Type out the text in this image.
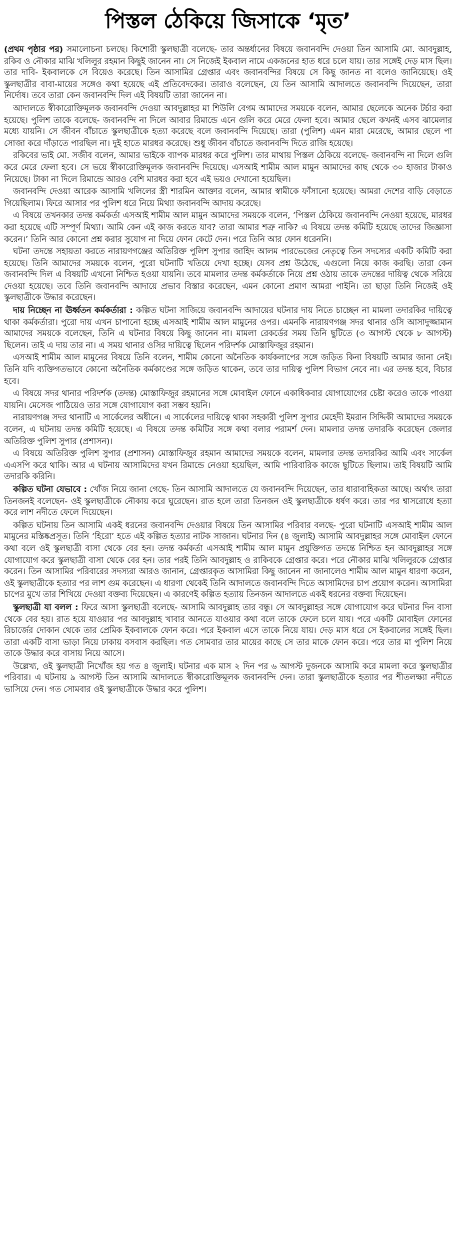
পিস্তল ঠেকিয়ে জিসাকে ‘মৃত’

(প্রথম পৃষ্ঠার পর) সমালোচনা চলছে। কিশোরী স্কুলছাত্রী বলেছে- তার অন্তর্ধানের বিষয়ে জবানবন্দি দেওয়া তিন আসামি মো. আবদুল্লাহ, রকিব ও নৌকার মাঝি খলিলুর রহমান কিছুই জানেন না। সে নিজেই ইকবাল নামে একজনের হাত ধরে চলে যায়। তার সঙ্গেই দেড় মাস ছিল। তার দাবি- ইকবালকে সে বিয়েও করেছে। তিন আসামির গ্রেপ্তার এবং জবানবন্দির বিষয়ে সে কিছু জানত না বলেও জানিয়েছে। ওই স্কুলছাত্রীর বাবা-মায়ের সঙ্গেও কথা হয়েছে এই প্রতিবেদকের। তারাও বলেছেন, যে তিন আসামি আদালতে জবানবন্দি দিয়েছেন, তারা নির্দোষ। তবে তারা কেন জবানবন্দি দিল এই বিষয়টি তারা জানেন না।

আদালতে স্বীকারোক্তিমূলক জবানবন্দি দেওয়া আবদুল্লাহর মা শিউলি বেগম আমাদের সময়কে বলেন, আমার ছেলেকে অনেক টর্চার করা হয়েছে। পুলিশ তাকে বলেছে- জবানবন্দি না দিলে আবার রিমান্ডে এনে গুলি করে মেরে ফেলা হবে। আমার ছেলে কখনই এসব ঝামেলার মধ্যে যায়নি। সে জীবন বাঁচাতে স্কুলছাত্রীকে হত্যা করেছে বলে জবানবন্দি দিয়েছে। তারা (পুলিশ) এমন মারা মেরেছে, আমার ছেলে পা সোজা করে দাঁড়াতে পারছিল না। দুই হাতে মারধর করেছে। শুধু জীবন বাঁচাতে জবানবন্দি দিতে রাজি হয়েছে।

রকিবের ভাই মো. সজীব বলেন, আমার ভাইকে ব্যাপক মারধর করে পুলিশ। তার মাথায় পিস্তল ঠেকিয়ে বলেছে- জবানবন্দি না দিলে গুলি করে মেরে ফেলা হবে। সে ভয়ে স্বীকারোক্তিমূলক জবানবন্দি দিয়েছে। এসআই শামীম আল মামুন আমাদের কাছ থেকে ৩০ হাজার টাকাও নিয়েছে। টাকা না দিলে রিমান্ডে আরও বেশি মারধর করা হবে এই ভয়ও দেখানো হয়েছিল।

জবানবন্দি দেওয়া আরেক আসামি খলিলের স্ত্রী শারমিন আক্তার বলেন, আমার স্বামীকে ফাঁসানো হয়েছে। আমরা দেশের বাড়ি বেড়াতে গিয়েছিলাম। ফিরে আসার পর পুলিশ ধরে নিয়ে মিথ্যা জবানবন্দি আদায় করেছে।

এ বিষয়ে তখনকার তদন্ত কর্মকর্তা এসআই শামীম আল মামুন আমাদের সময়কে বলেন, ‘পিস্তল ঠেকিয়ে জবানবন্দি নেওয়া হয়েছে, মারধর করা হয়েছে এটি সম্পূর্ণ মিথ্যা। আমি কেন এই কাজ করতে যাব? তারা আমার শত্রু নাকি? এ বিষয়ে তদন্ত কমিটি হয়েছে তাদের জিজ্ঞাসা করেন।’ তিনি আর কোনো প্রশ্ন করার সুযোগ না দিয়ে ফোন কেটে দেন। পরে তিনি আর ফোন ধরেননি।

ঘটনা তদন্তে সহায়তা করতে নারায়ণগঞ্জের অতিরিক্ত পুলিশ সুপার জাহিদ আলম পারভেজের নেতৃত্বে তিন সদস্যের একটি কমিটি করা হয়েছে। তিনি আমাদের সময়কে বলেন, পুরো ঘটনাটি খতিয়ে দেখা হচ্ছে। যেসব প্রশ্ন উঠেছে, এগুলো নিয়ে কাজ করছি। তারা কেন জবানবন্দি দিল এ বিষয়টি এখনো নিশ্চিত হওয়া যায়নি। তবে মামলার তদন্ত কর্মকর্তাকে নিয়ে প্রশ্ন ওঠায় তাকে তদন্তের দায়িত্ব থেকে সরিয়ে দেওয়া হয়েছে। তবে তিনি জবানবন্দি আদায়ে প্রভাব বিস্তার করেছেন, এমন কোনো প্রমাণ আমরা পাইনি। তা ছাড়া তিনি নিজেই ওই স্কুলছাত্রীকে উদ্ধার করেছেন।

দায় নিচ্ছেন না ঊর্ধ্বতন কর্মকর্তারা : কল্পিত ঘটনা সাজিয়ে জবানবন্দি আদায়ের ঘটনার দায় নিতে চাচ্ছেন না মামলা তদারকির দায়িত্বে থাকা কর্মকর্তারা। পুরো দায় এখন চাপানো হচ্ছে এসআই শামীম আল মামুনের ওপর। এমনকি নারায়ণগঞ্জ সদর থানার ওসি আসাদুজ্জামান আমাদের সময়কে বলেছেন, তিনি এ ঘটনার বিষয়ে কিছু জানেন না। মামলা রেকর্ডের সময় তিনি ছুটিতে (৩ আগস্ট থেকে ৮ আগস্ট) ছিলেন। তাই এ দায় তার না। এ সময় থানার ওসির দায়িত্বে ছিলেন পরিদর্শক মোস্তাফিজুর রহমান।

এসআই শামীম আল মামুনের বিষয়ে তিনি বলেন, শামীম কোনো অনৈতিক কার্যকলাপের সঙ্গে জড়িত কিনা বিষয়টি আমার জানা নেই। তিনি যদি ব্যক্তিগতভাবে কোনো অনৈতিক কর্মকাণ্ডের সঙ্গে জড়িত থাকেন, তবে তার দায়িত্ব পুলিশ বিভাগ নেবে না। এর তদন্ত হবে, বিচার হবে।

এ বিষয়ে সদর থানার পরিদর্শক (তদন্ত) মোস্তাফিজুর রহমানের সঙ্গে মোবাইল ফোনে একাধিকবার যোগাযোগের চেষ্টা করেও তাকে পাওয়া যায়নি। মেসেজ পাঠিয়েও তার সঙ্গে যোগাযোগ করা সম্ভব হয়নি।

নারায়ণগঞ্জ সদর থানাটি এ সার্কেলের অধীনে। এ সার্কেলের দায়িত্বে থাকা সহকারী পুলিশ সুপার মেহেদী ইমরান সিদ্দিকী আমাদের সময়কে বলেন, এ ঘটনায় তদন্ত কমিটি হয়েছে। এ বিষয়ে তদন্ত কমিটির সঙ্গে কথা বলার পরামর্শ দেন। মামলার তদন্ত তদারকি করেছেন জেলার অতিরিক্ত পুলিশ সুপার (প্রশাসন)।

এ বিষয়ে অতিরিক্ত পুলিশ সুপার (প্রশাসন) মোস্তাফিজুর রহমান আমাদের সময়কে বলেন, মামলার তদন্ত তদারকির আমি এবং সার্কেল এএসপি করে থাকি। আর এ ঘটনায় আসামিদের যখন রিমান্ডে নেওয়া হয়েছিল, আমি পারিবারিক কাজে ছুটিতে ছিলাম। তাই বিষয়টি আমি তদারকি করিনি।

কল্পিত ঘটনা যেভাবে : খোঁজ নিয়ে জানা গেছে- তিন আসামি আদালতে যে জবানবন্দি দিয়েছেন, তার ধারাবাহিকতা আছে। অর্থাৎ তারা তিনজনই বলেছেন- ওই স্কুলছাত্রীকে নৌকায় করে ঘুরেছেন। রাত হলে তারা তিনজন ওই স্কুলছাত্রীকে ধর্ষণ করে। তার পর শ্বাসরোধে হত্যা করে লাশ নদীতে ফেলে দিয়েছেন।

কল্পিত ঘটনায় তিন আসামি একই ধরনের জবানবন্দি দেওয়ার বিষয়ে তিন আসামির পরিবার বলছে- পুরো ঘটনাটি এসআই শামীম আল মামুনের মস্তিষ্কপ্রসূত। তিনি ‘হিরো’ হতে এই কল্পিত হত্যার নাটক সাজান। ঘটনার দিন (৪ জুলাই) আসামি আবদুল্লাহর সঙ্গে মোবাইল ফোনে কথা বলে ওই স্কুলছাত্রী বাসা থেকে বের হন। তদন্ত কর্মকর্তা এসআই শামীম আল মামুন প্রযুক্তিগত তদন্তে নিশ্চিত হন আবদুল্লাহর সঙ্গে যোগাযোগ করে স্কুলছাত্রী বাসা থেকে বের হন। তার পরই তিনি আবদুল্লাহ ও রাকিবকে গ্রেপ্তার করে। পরে নৌকার মাঝি খলিলুরকে গ্রেপ্তার করেন। তিন আসামির পরিবারের সদস্যরা আরও জানান, গ্রেপ্তারকৃত আসামিরা কিছু জানেন না জানালেও শামীম আল মামুন ধারণা করেন, ওই স্কুলছাত্রীকে হত্যার পর লাশ গুম করেছেন। এ ধারণা থেকেই তিনি আদালতে জবানবন্দি দিতে আসামিদের চাপ প্রয়োগ করেন। আসামিরা চাপের মুখে তার শিখিয়ে দেওয়া বক্তব্য দিয়েছেন। এ কারণেই কল্পিত হত্যায় তিনজন আদালতে একই ধরনের বক্তব্য দিয়েছেন।

স্কুলছাত্রী যা বলল : ফিরে আসা স্কুলছাত্রী বলেছে- আসামি আবদুল্লাহ তার বন্ধু। সে আবদুল্লাহর সঙ্গে যোগাযোগ করে ঘটনার দিন বাসা থেকে বের হয়। রাত হয়ে যাওয়ার পর আবদুল্লাহ খাবার আনতে যাওয়ার কথা বলে তাকে ফেলে চলে যায়। পরে একটি মোবাইল ফোনের রিচার্জের দোকান থেকে তার প্রেমিক ইকবালকে ফোন করে। পরে ইকবাল এসে তাকে নিয়ে যায়। দেড় মাস ধরে সে ইকবালের সঙ্গেই ছিল। তারা একটি বাসা ভাড়া নিয়ে ঢাকায় বসবাস করছিল। গত সোমবার তার মায়ের কাছে সে তার মাকে ফোন করে। পরে তার মা পুলিশ নিয়ে তাকে উদ্ধার করে বাসায় নিয়ে আসে।

উল্লেখ্য, ওই স্কুলছাত্রী নিখোঁজ হয় গত ৪ জুলাই। ঘটনার এক মাস ২ দিন পর ৬ আগস্ট দুজনকে আসামি করে মামলা করে স্কুলছাত্রীর পরিবার। এ ঘটনায় ৯ আগস্ট তিন আসামি আদালতে স্বীকারোক্তিমূলক জবানবন্দি দেন। তারা স্কুলছাত্রীকে হত্যার পর শীতলক্ষ্যা নদীতে ভাসিয়ে দেন। গত সোমবার ওই স্কুলছাত্রীকে উদ্ধার করে পুলিশ।
